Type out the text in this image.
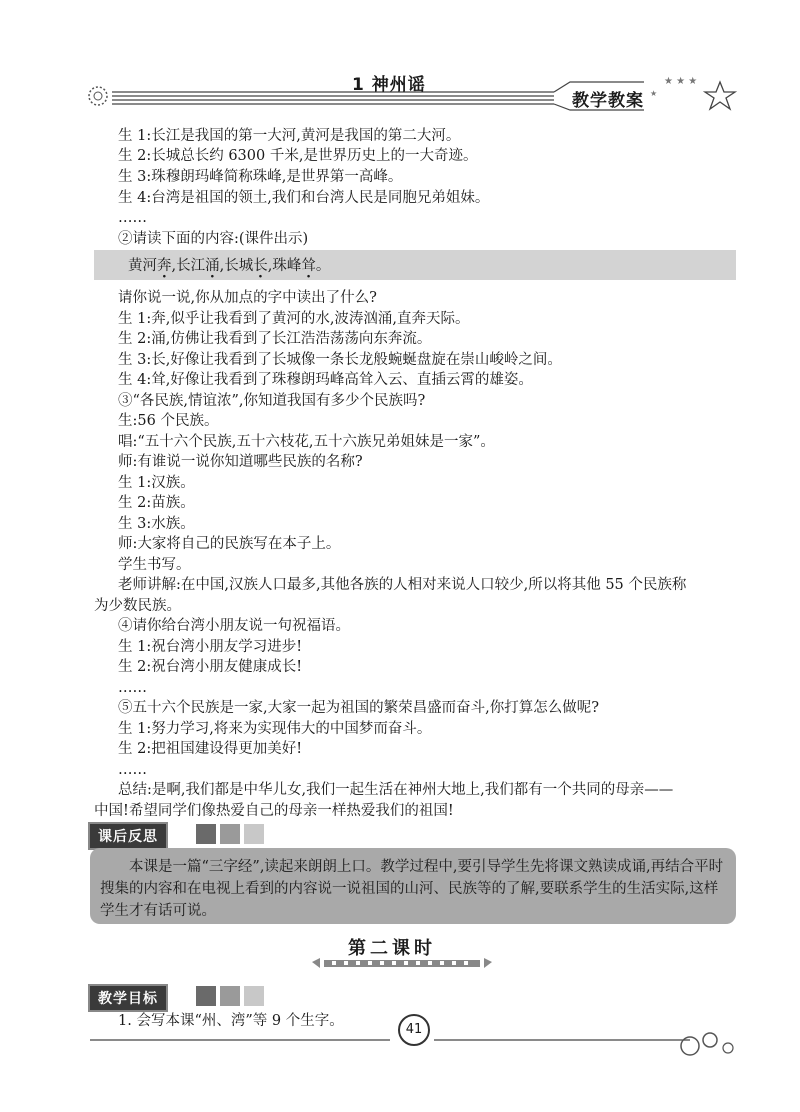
★ ★ ★
★
1 神州谣
教学教案
生 1:长江是我国的第一大河,黄河是我国的第二大河。
生 2:长城总长约 6300 千米,是世界历史上的一大奇迹。
生 3:珠穆朗玛峰简称珠峰,是世界第一高峰。
生 4:台湾是祖国的领土,我们和台湾人民是同胞兄弟姐妹。
……
②请读下面的内容:(课件出示)
黄河奔,长江涌,长城长,珠峰耸。
请你说一说,你从加点的字中读出了什么?
生 1:奔,似乎让我看到了黄河的水,波涛汹涌,直奔天际。
生 2:涌,仿佛让我看到了长江浩浩荡荡向东奔流。
生 3:长,好像让我看到了长城像一条长龙般蜿蜒盘旋在崇山峻岭之间。
生 4:耸,好像让我看到了珠穆朗玛峰高耸入云、直插云霄的雄姿。
③“各民族,情谊浓”,你知道我国有多少个民族吗?
生:56 个民族。
唱:“五十六个民族,五十六枝花,五十六族兄弟姐妹是一家”。
师:有谁说一说你知道哪些民族的名称?
生 1:汉族。
生 2:苗族。
生 3:水族。
师:大家将自己的民族写在本子上。
学生书写。
老师讲解:在中国,汉族人口最多,其他各族的人相对来说人口较少,所以将其他 55 个民族称
为少数民族。
④请你给台湾小朋友说一句祝福语。
生 1:祝台湾小朋友学习进步!
生 2:祝台湾小朋友健康成长!
……
⑤五十六个民族是一家,大家一起为祖国的繁荣昌盛而奋斗,你打算怎么做呢?
生 1:努力学习,将来为实现伟大的中国梦而奋斗。
生 2:把祖国建设得更加美好!
……
总结:是啊,我们都是中华儿女,我们一起生活在神州大地上,我们都有一个共同的母亲——
中国!希望同学们像热爱自己的母亲一样热爱我们的祖国!
课后反思
本课是一篇“三字经”,读起来朗朗上口。教学过程中,要引导学生先将课文熟读成诵,再结合平时搜集的内容和在电视上看到的内容说一说祖国的山河、民族等的了解,要联系学生的生活实际,这样学生才有话可说。
第二课时
教学目标
1. 会写本课“州、湾”等 9 个生字。
41
